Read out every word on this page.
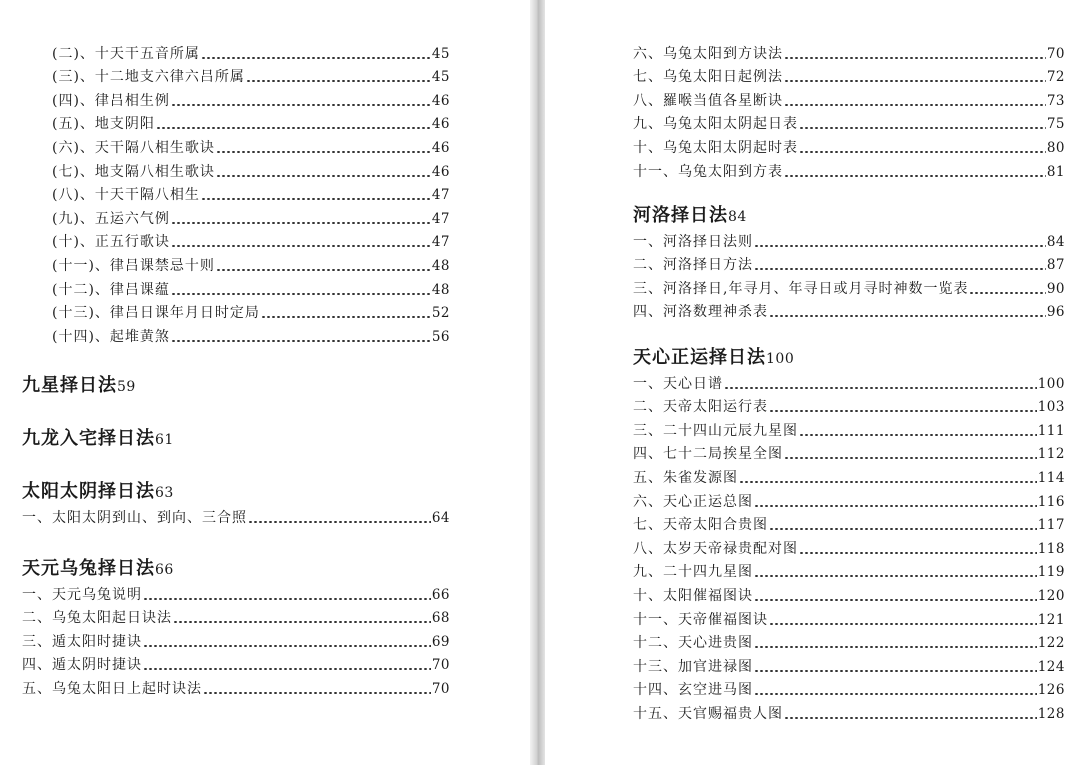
(二)、十天干五音所属	45
(三)、十二地支六律六吕所属	45
(四)、律吕相生例	46
(五)、地支阴阳	46
(六)、天干隔八相生歌诀	46
(七)、地支隔八相生歌诀	46
(八)、十天干隔八相生	47
(九)、五运六气例	47
(十)、正五行歌诀	47
(十一)、律吕课禁忌十则	48
(十二)、律吕课蕴	48
(十三)、律吕日课年月日时定局	52
(十四)、起堆黄煞	56
九星择日法59
九龙入宅择日法61
太阳太阴择日法63
一、太阳太阴到山、到向、三合照	64
天元乌兔择日法66
一、天元乌兔说明	66
二、乌兔太阳起日诀法	68
三、遁太阳时捷诀	69
四、遁太阴时捷诀	70
五、乌兔太阳日上起时诀法	70
六、乌兔太阳到方诀法	70
七、乌兔太阳日起例法	72
八、羅喉当值各星断诀	73
九、乌兔太阳太阴起日表	75
十、乌兔太阳太阴起时表	80
十一、乌兔太阳到方表	81
河洛择日法84
一、河洛择日法则	84
二、河洛择日方法	87
三、河洛择日,年寻月、年寻日或月寻时神数一览表	90
四、河洛数理神杀表	96
天心正运择日法100
一、天心日谱	100
二、天帝太阳运行表	103
三、二十四山元辰九星图	111
四、七十二局挨星全图	112
五、朱雀发源图	114
六、天心正运总图	116
七、天帝太阳合贵图	117
八、太岁天帝禄贵配对图	118
九、二十四九星图	119
十、太阳催福图诀	120
十一、天帝催福图诀	121
十二、天心进贵图	122
十三、加官进禄图	124
十四、玄空进马图	126
十五、天官赐福贵人图	128
